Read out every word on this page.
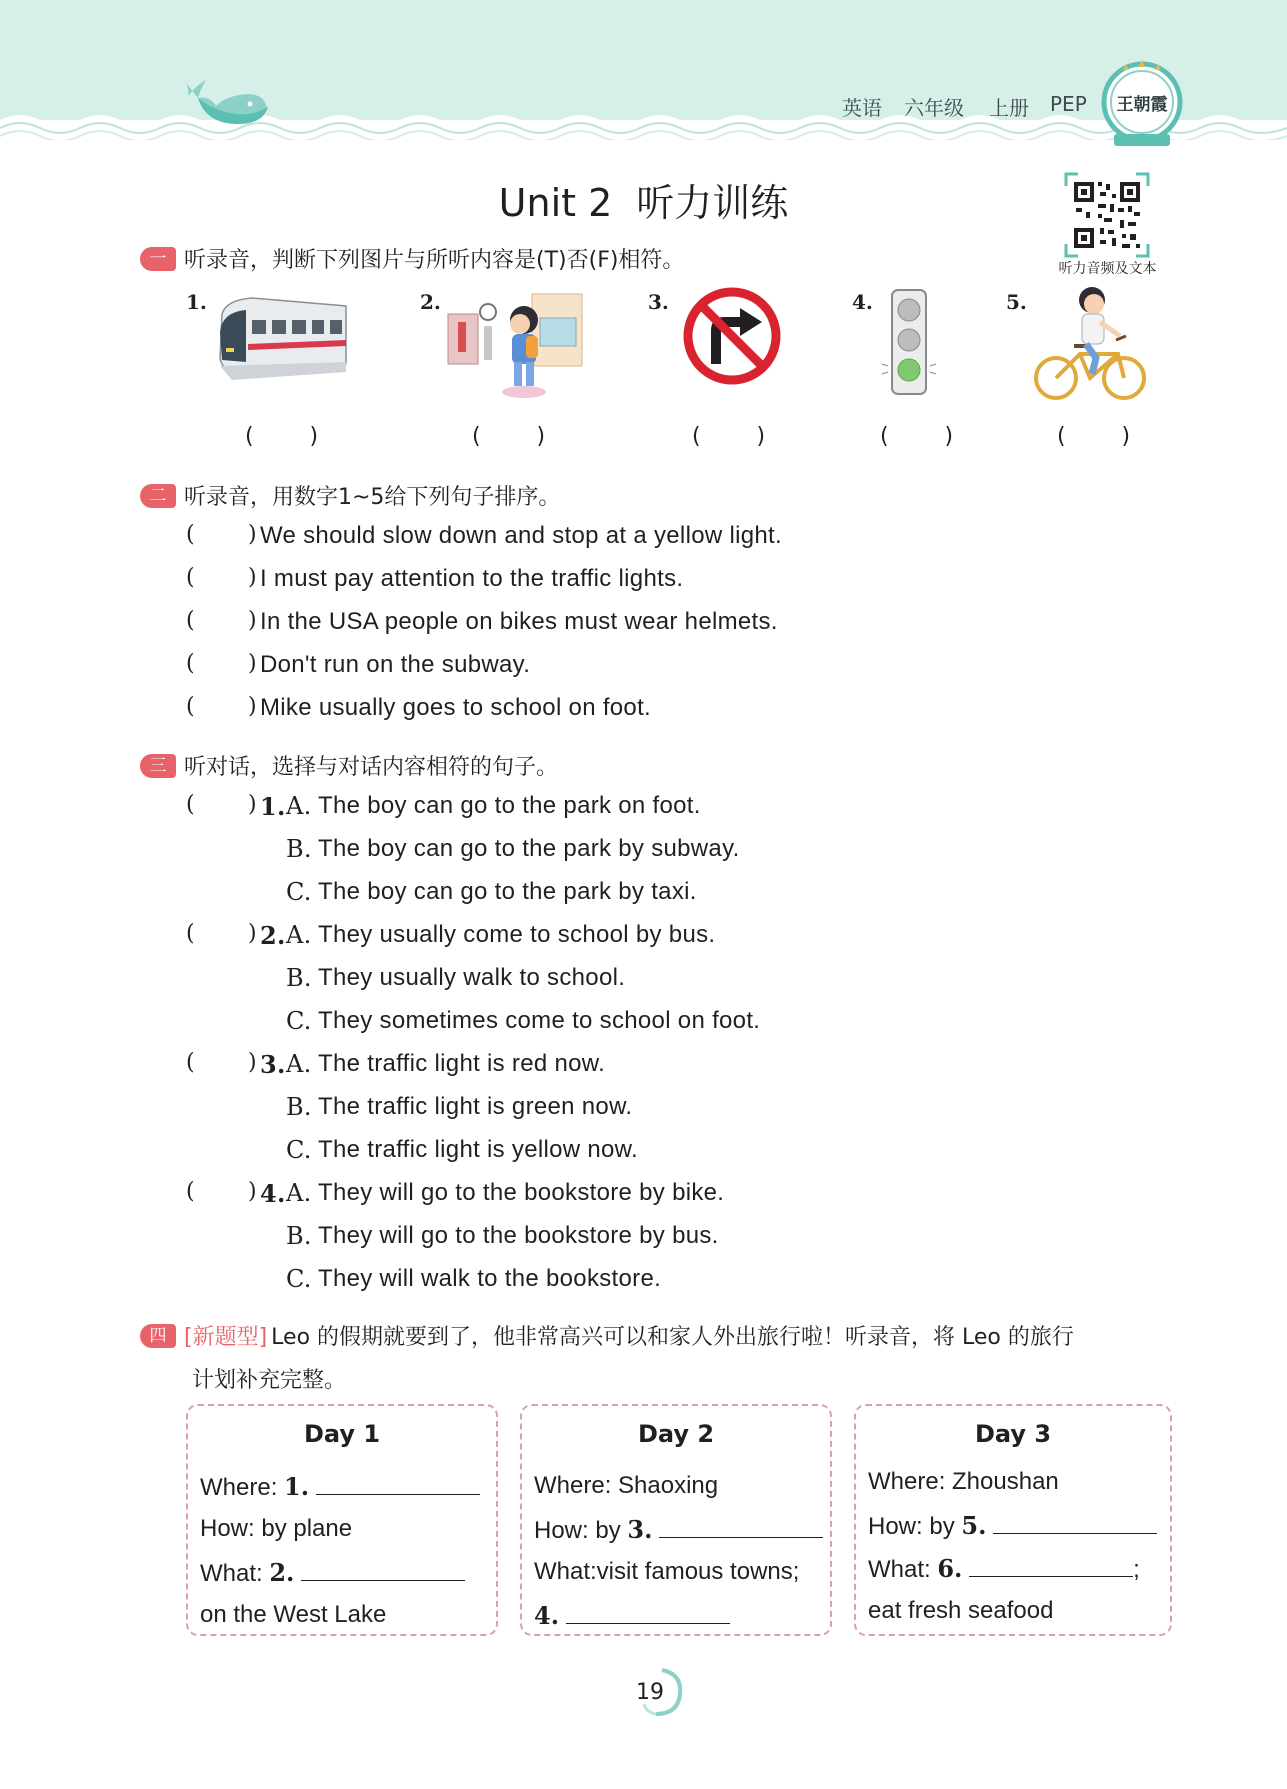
英语 六年级 上册 PEP 王朝霞
Unit 2 听力训练
听力音频及文本
一 听录音，判断下列图片与所听内容是(T)否(F)相符。
1.	2.	3.	4.	5.
(        )	(        )	(        )	(        )	(        )
二 听录音，用数字1~5给下列句子排序。
( ) We should slow down and stop at a yellow light.
( ) I must pay attention to the traffic lights.
( ) In the USA people on bikes must wear helmets.
( ) Don't run on the subway.
( ) Mike usually goes to school on foot.
三 听对话，选择与对话内容相符的句子。
( ) 1. A. The boy can go to the park on foot.
B. The boy can go to the park by subway.
C. The boy can go to the park by taxi.
( ) 2. A. They usually come to school by bus.
B. They usually walk to school.
C. They sometimes come to school on foot.
( ) 3. A. The traffic light is red now.
B. The traffic light is green now.
C. The traffic light is yellow now.
( ) 4. A. They will go to the bookstore by bike.
B. They will go to the bookstore by bus.
C. They will walk to the bookstore.
四 [新题型] Leo 的假期就要到了，他非常高兴可以和家人外出旅行啦！听录音，将 Leo 的旅行
计划补充完整。
Day 1
Where: 1.
How: by plane
What: 2.
on the West Lake
Day 2
Where: Shaoxing
How: by 3.
What:visit famous towns;
4.
Day 3
Where: Zhoushan
How: by 5.
What: 6.	;
eat fresh seafood
19
